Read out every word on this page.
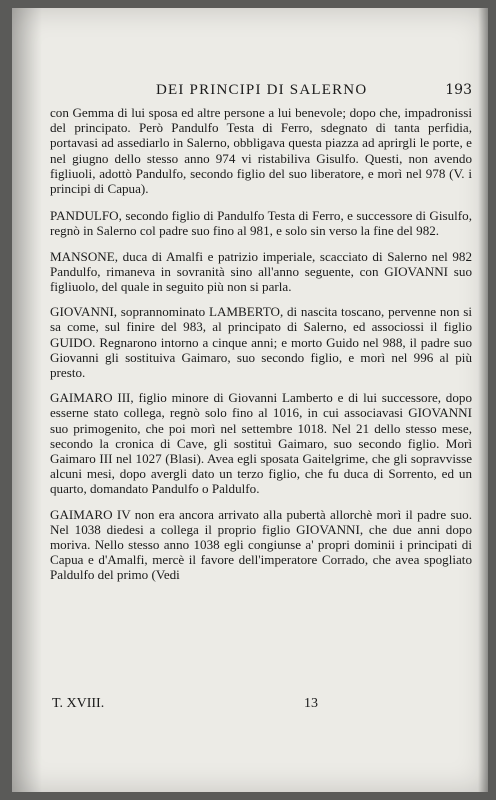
DEI PRINCIPI DI SALERNO	193

con Gemma di lui sposa ed altre persone a lui benevole; dopo che, impadronissi del principato. Però Pandulfo Testa di Ferro, sdegnato di tanta perfidia, portavasi ad assediarlo in Salerno, obbligava questa piazza ad aprirgli le porte, e nel giugno dello stesso anno 974 vi ristabiliva Gisulfo. Questi, non avendo figliuoli, adottò Pandulfo, secondo figlio del suo liberatore, e morì nel 978 (V. i principi di Capua).

PANDULFO, secondo figlio di Pandulfo Testa di Ferro, e successore di Gisulfo, regnò in Salerno col padre suo fino al 981, e solo sin verso la fine del 982.

MANSONE, duca di Amalfi e patrizio imperiale, scacciato di Salerno nel 982 Pandulfo, rimaneva in sovranità sino all'anno seguente, con GIOVANNI suo figliuolo, del quale in seguito più non si parla.

GIOVANNI, soprannominato LAMBERTO, di nascita toscano, pervenne non si sa come, sul finire del 983, al principato di Salerno, ed associossi il figlio GUIDO. Regnarono intorno a cinque anni; e morto Guido nel 988, il padre suo Giovanni gli sostituiva Gaimaro, suo secondo figlio, e morì nel 996 al più presto.

GAIMARO III, figlio minore di Giovanni Lamberto e di lui successore, dopo esserne stato collega, regnò solo fino al 1016, in cui associavasi GIOVANNI suo primogenito, che poi morì nel settembre 1018. Nel 21 dello stesso mese, secondo la cronica di Cave, gli sostituì Gaimaro, suo secondo figlio. Morì Gaimaro III nel 1027 (Blasi). Avea egli sposata Gaitelgrime, che gli sopravvisse alcuni mesi, dopo avergli dato un terzo figlio, che fu duca di Sorrento, ed un quarto, domandato Pandulfo o Paldulfo.

GAIMARO IV non era ancora arrivato alla pubertà allorchè morì il padre suo. Nel 1038 diedesi a collega il proprio figlio GIOVANNI, che due anni dopo moriva. Nello stesso anno 1038 egli congiunse a' propri dominii i principati di Capua e d'Amalfi, mercè il favore dell'imperatore Corrado, che avea spogliato Paldulfo del primo (Vedi

T. XVIII.	13
